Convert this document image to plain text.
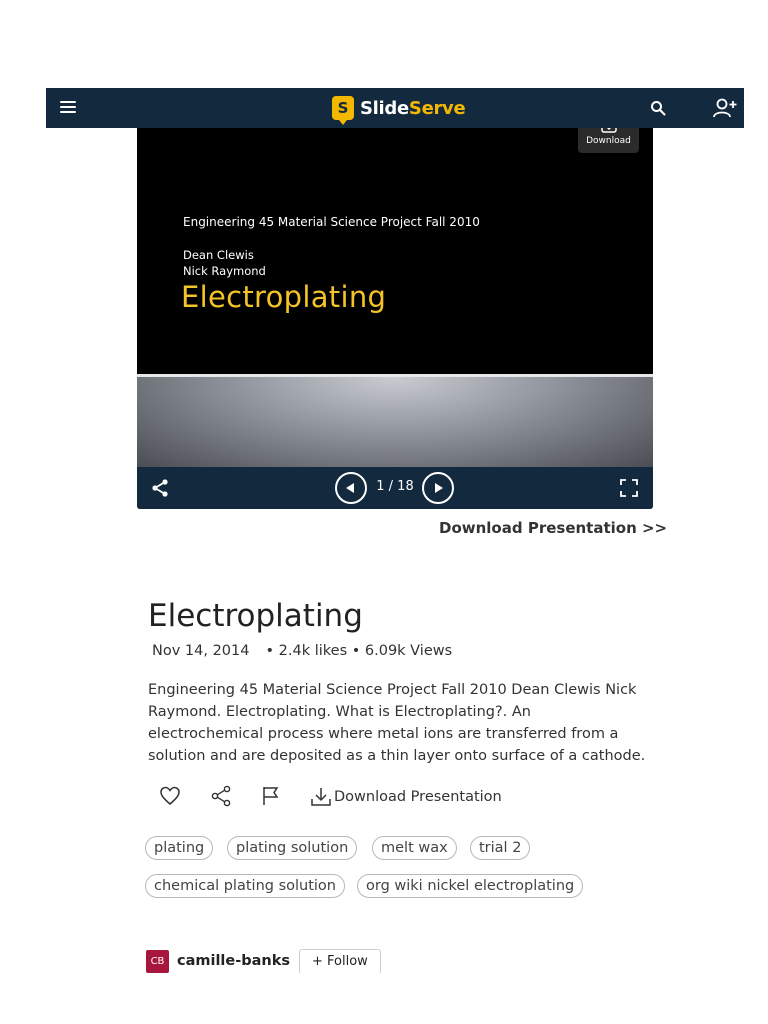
S SlideServe
Engineering 45 Material Science Project Fall 2010
Dean Clewis
Nick Raymond
Electroplating
Download
1 / 18
Download Presentation >>
Electroplating
Nov 14, 2014 • 2.4k likes • 6.09k Views

Engineering 45 Material Science Project Fall 2010 Dean Clewis Nick Raymond. Electroplating. What is Electroplating?. An electrochemical process where metal ions are transferred from a solution and are deposited as a thin layer onto surface of a cathode.

Download Presentation
plating	plating solution	melt wax	trial 2
chemical plating solution	org wiki nickel electroplating
CB camille-banks	+ Follow
